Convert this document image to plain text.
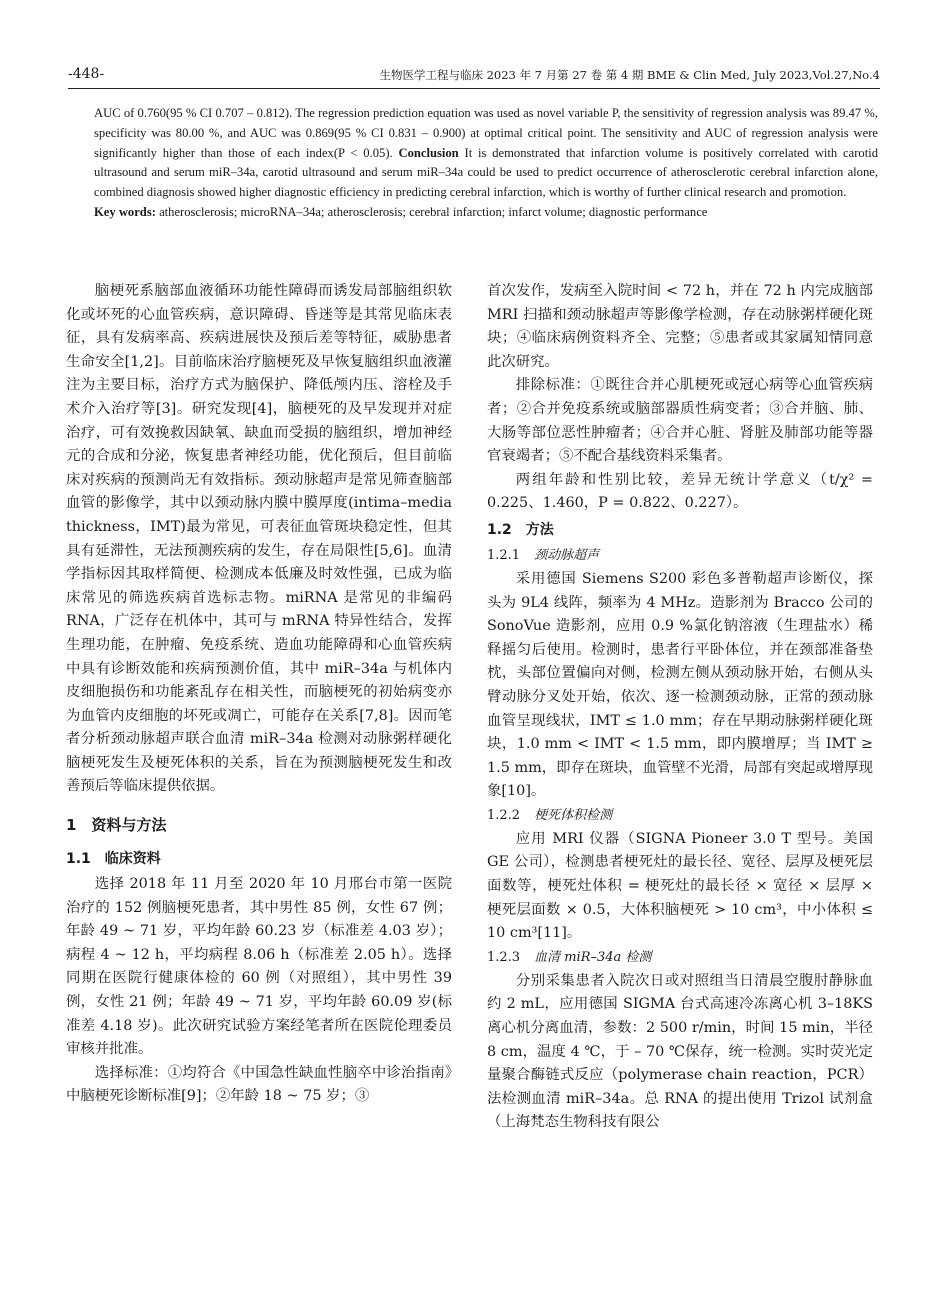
-448-	生物医学工程与临床 2023 年 7 月第 27 卷 第 4 期 BME & Clin Med, July 2023,Vol.27,No.4

AUC of 0.760(95 % CI 0.707 – 0.812). The regression prediction equation was used as novel variable P, the sensitivity of regression analysis was 89.47 %, specificity was 80.00 %, and AUC was 0.869(95 % CI 0.831 – 0.900) at optimal critical point. The sensitivity and AUC of regression analysis were significantly higher than those of each index(P < 0.05). Conclusion It is demonstrated that infarction volume is positively correlated with carotid ultrasound and serum miR–34a, carotid ultrasound and serum miR–34a could be used to predict occurrence of atherosclerotic cerebral infarction alone, combined diagnosis showed higher diagnostic efficiency in predicting cerebral infarction, which is worthy of further clinical research and promotion.

Key words: atherosclerosis; microRNA–34a; atherosclerosis; cerebral infarction; infarct volume; diagnostic performance

脑梗死系脑部血液循环功能性障碍而诱发局部脑组织软化或坏死的心血管疾病，意识障碍、昏迷等是其常见临床表征，具有发病率高、疾病进展快及预后差等特征，威胁患者生命安全[1,2]。目前临床治疗脑梗死及早恢复脑组织血液灌注为主要目标，治疗方式为脑保护、降低颅内压、溶栓及手术介入治疗等[3]。研究发现[4]，脑梗死的及早发现并对症治疗，可有效挽救因缺氧、缺血而受损的脑组织，增加神经元的合成和分泌，恢复患者神经功能，优化预后，但目前临床对疾病的预测尚无有效指标。颈动脉超声是常见筛查脑部血管的影像学，其中以颈动脉内膜中膜厚度(intima–media thickness，IMT)最为常见，可表征血管斑块稳定性，但其具有延滞性，无法预测疾病的发生，存在局限性[5,6]。血清学指标因其取样简便、检测成本低廉及时效性强，已成为临床常见的筛选疾病首选标志物。miRNA 是常见的非编码 RNA，广泛存在机体中，其可与 mRNA 特异性结合，发挥生理功能，在肿瘤、免疫系统、造血功能障碍和心血管疾病中具有诊断效能和疾病预测价值，其中 miR–34a 与机体内皮细胞损伤和功能紊乱存在相关性，而脑梗死的初始病变亦为血管内皮细胞的坏死或凋亡，可能存在关系[7,8]。因而笔者分析颈动脉超声联合血清 miR–34a 检测对动脉粥样硬化脑梗死发生及梗死体积的关系，旨在为预测脑梗死发生和改善预后等临床提供依据。

1　资料与方法
1.1　临床资料

选择 2018 年 11 月至 2020 年 10 月邢台市第一医院治疗的 152 例脑梗死患者，其中男性 85 例，女性 67 例；年龄 49 ~ 71 岁，平均年龄 60.23 岁（标准差 4.03 岁）；病程 4 ~ 12 h，平均病程 8.06 h（标准差 2.05 h）。选择同期在医院行健康体检的 60 例（对照组），其中男性 39 例，女性 21 例；年龄 49 ~ 71 岁，平均年龄 60.09 岁(标准差 4.18 岁)。此次研究试验方案经笔者所在医院伦理委员审核并批准。

选择标准：①均符合《中国急性缺血性脑卒中诊治指南》中脑梗死诊断标准[9]；②年龄 18 ~ 75 岁；③

首次发作，发病至入院时间 < 72 h，并在 72 h 内完成脑部 MRI 扫描和颈动脉超声等影像学检测，存在动脉粥样硬化斑块；④临床病例资料齐全、完整；⑤患者或其家属知情同意此次研究。

排除标准：①既往合并心肌梗死或冠心病等心血管疾病者；②合并免疫系统或脑部器质性病变者；③合并脑、肺、大肠等部位恶性肿瘤者；④合并心脏、肾脏及肺部功能等器官衰竭者；⑤不配合基线资料采集者。

两组年龄和性别比较，差异无统计学意义（t/χ² = 0.225、1.460，P = 0.822、0.227）。

1.2　方法
1.2.1 颈动脉超声

采用德国 Siemens S200 彩色多普勒超声诊断仪，探头为 9L4 线阵，频率为 4 MHz。造影剂为 Bracco 公司的 SonoVue 造影剂，应用 0.9 %氯化钠溶液（生理盐水）稀释摇匀后使用。检测时，患者行平卧体位，并在颈部准备垫枕，头部位置偏向对侧，检测左侧从颈动脉开始，右侧从头臂动脉分叉处开始，依次、逐一检测颈动脉，正常的颈动脉血管呈现线状，IMT ≤ 1.0 mm；存在早期动脉粥样硬化斑块，1.0 mm < IMT < 1.5 mm，即内膜增厚；当 IMT ≥ 1.5 mm，即存在斑块，血管壁不光滑，局部有突起或增厚现象[10]。

1.2.2 梗死体积检测

应用 MRI 仪器（SIGNA Pioneer 3.0 T 型号。美国 GE 公司），检测患者梗死灶的最长径、宽径、层厚及梗死层面数等，梗死灶体积 = 梗死灶的最长径 × 宽径 × 层厚 × 梗死层面数 × 0.5，大体积脑梗死 > 10 cm³，中小体积 ≤ 10 cm³[11]。

1.2.3 血清 miR–34a 检测

分别采集患者入院次日或对照组当日清晨空腹肘静脉血约 2 mL，应用德国 SIGMA 台式高速冷冻离心机 3–18KS 离心机分离血清，参数：2 500 r/min，时间 15 min，半径 8 cm，温度 4 ℃，于 – 70 ℃保存，统一检测。实时荧光定量聚合酶链式反应（polymerase chain reaction，PCR）法检测血清 miR–34a。总 RNA 的提出使用 Trizol 试剂盒（上海梵态生物科技有限公
